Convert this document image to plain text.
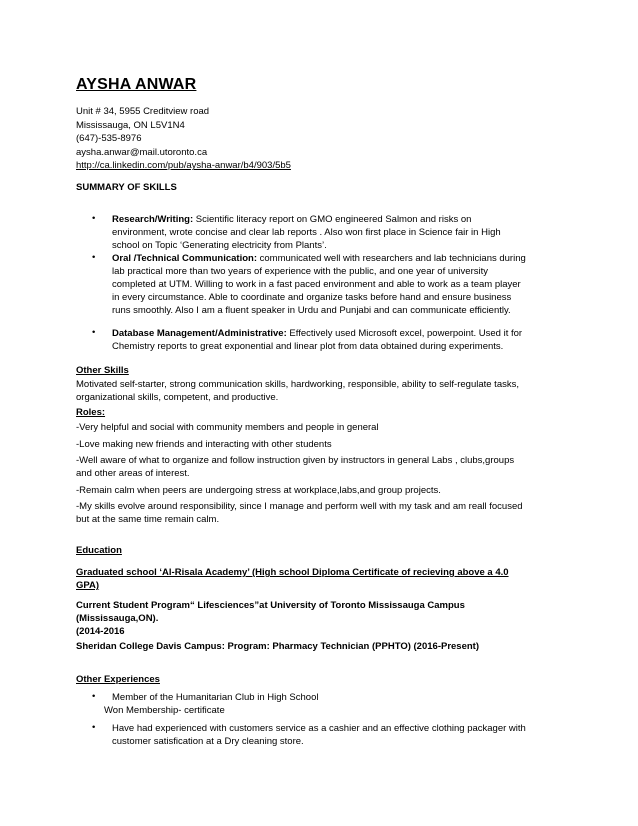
AYSHA ANWAR
Unit # 34, 5955 Creditview road
Mississauga, ON L5V1N4
(647)-535-8976
aysha.anwar@mail.utoronto.ca
http://ca.linkedin.com/pub/aysha-anwar/b4/903/5b5
SUMMARY OF SKILLS
• Research/Writing: Scientific literacy report on GMO engineered Salmon and risks on environment, wrote concise and clear lab reports . Also won first place in Science fair in High school on Topic ‘Generating electricity from Plants’.
• Oral /Technical Communication: communicated well with researchers and lab technicians during lab practical more than two years of experience with the public, and one year of university completed at UTM. Willing to work in a fast paced environment and able to work as a team player in every circumstance. Able to coordinate and organize tasks before hand and ensure business runs smoothly. Also I am a fluent speaker in Urdu and Punjabi and can communicate efficiently.
• Database Management/Administrative: Effectively used Microsoft excel, powerpoint. Used it for Chemistry reports to great exponential and linear plot from data obtained during experiments.
Other Skills
Motivated self-starter, strong communication skills, hardworking, responsible, ability to self-regulate tasks, organizational skills, competent, and productive.
Roles:
-Very helpful and social with community members and people in general
-Love making new friends and interacting with other students
-Well aware of what to organize and follow instruction given by instructors in general Labs , clubs,groups and other areas of interest.
-Remain calm when peers are undergoing stress at workplace,labs,and group projects.
-My skills evolve around responsibility, since I manage and perform well with my task and am reall focused but at the same time remain calm.
Education
Graduated school ‘Al-Risala Academy’ (High school Diploma Certificate of recieving above a 4.0 GPA)
Current Student Program“ Lifesciences”at University of Toronto Mississauga Campus (Mississauga,ON).
(2014-2016
Sheridan College Davis Campus: Program: Pharmacy Technician (PPHTO) (2016-Present)
Other Experiences
• Member of the Humanitarian Club in High School
Won Membership- certificate
• Have had experienced with customers service as a cashier and an effective clothing packager with customer satisfication at a Dry cleaning store.
